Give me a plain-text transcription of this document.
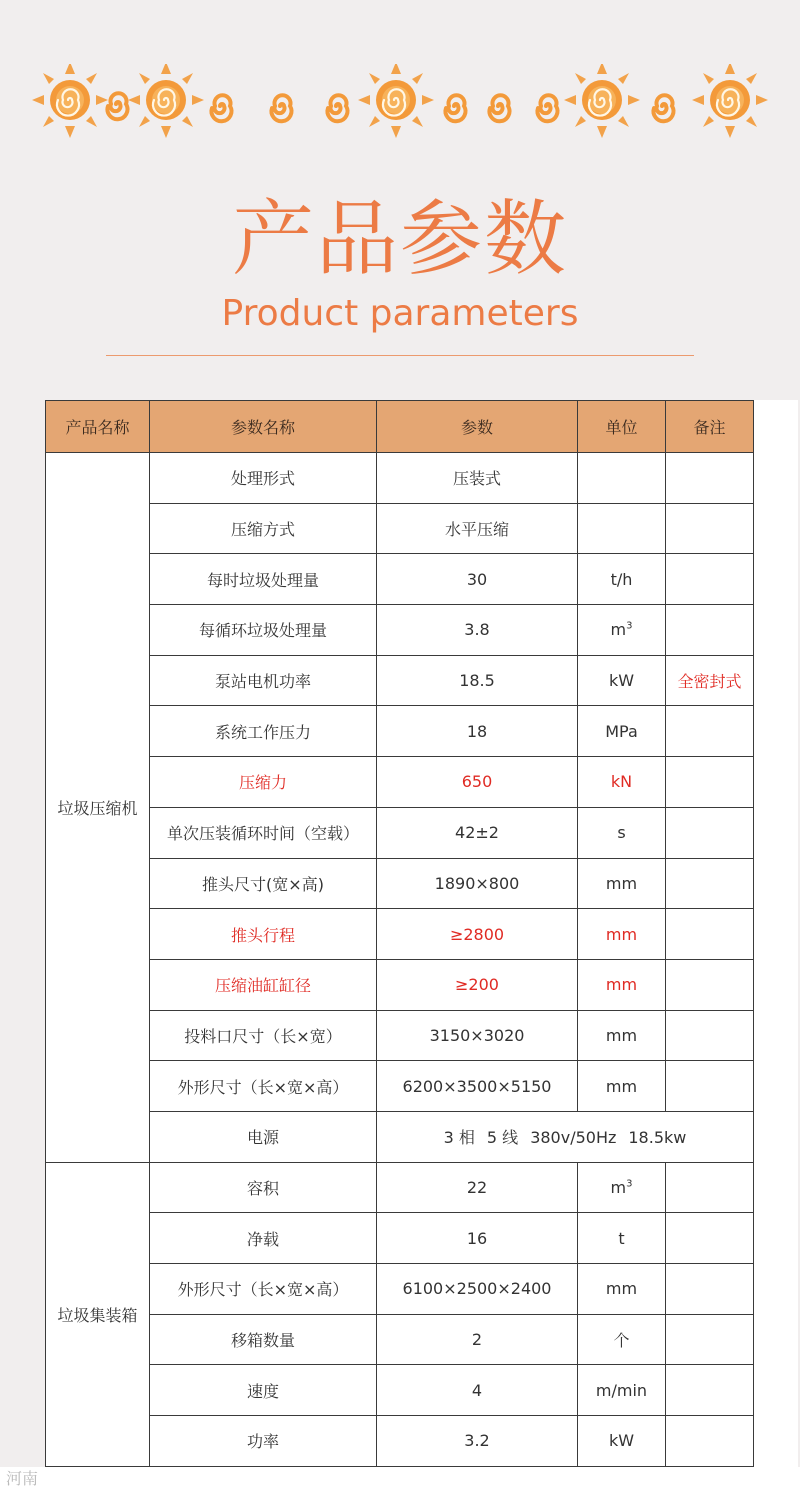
产品参数
Product parameters
产品名称	参数名称	参数	单位	备注
垃圾压缩机	处理形式	压装式		
	压缩方式	水平压缩		
	每时垃圾处理量	30	t/h	
	每循环垃圾处理量	3.8	$m^3$	
	泵站电机功率	18.5	kW	全密封式
	系统工作压力	18	MPa	
	压缩力	650	kN	
	单次压装循环时间（空载）	42±2	s	
	推头尺寸(宽×高)	1890×800	mm	
	推头行程	≥2800	mm	
	压缩油缸缸径	≥200	mm	
	投料口尺寸（长×宽）	3150×3020	mm	
	外形尺寸（长×宽×高）	6200×3500×5150	mm	
	电源	3 相 5 线 380v/50Hz 18.5kw		
垃圾集装箱	容积	22	$m^3$	
	净载	16	t	
	外形尺寸（长×宽×高）	6100×2500×2400	mm	
	移箱数量	2	个	
	速度	4	m/min	
	功率	3.2	kW	
河南
